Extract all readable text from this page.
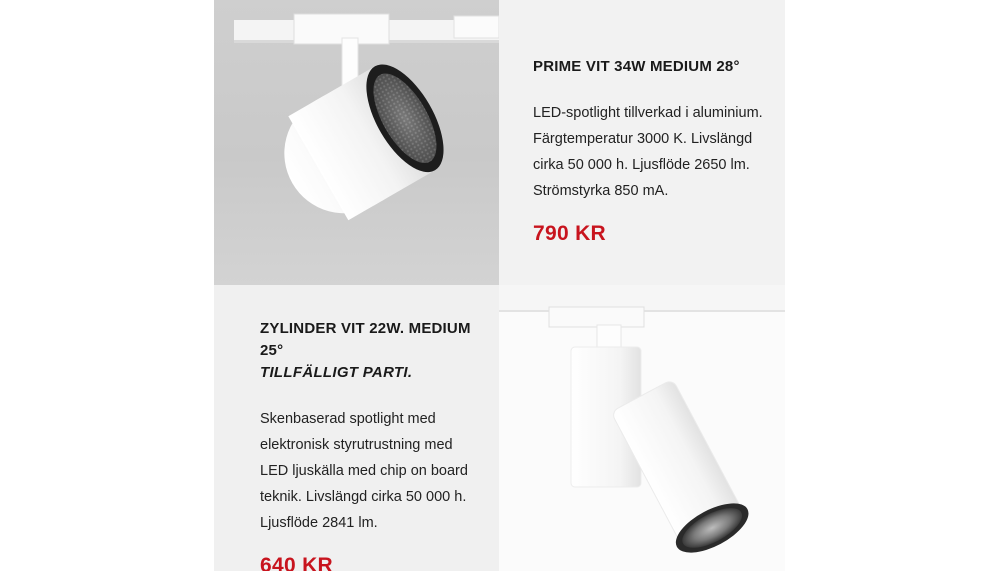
PRIME VIT 34W MEDIUM 28°

LED-spotlight tillverkad i aluminium. Färgtemperatur 3000 K. Livslängd cirka 50 000 h. Ljusflöde 2650 lm. Strömstyrka 850 mA.

790 KR
ZYLINDER VIT 22W. MEDIUM 25°
TILLFÄLLIGT PARTI.

Skenbaserad spotlight med elektronisk styrutrustning med LED ljuskälla med chip on board teknik. Livslängd cirka 50 000 h. Ljusflöde 2841 lm.

640 KR
